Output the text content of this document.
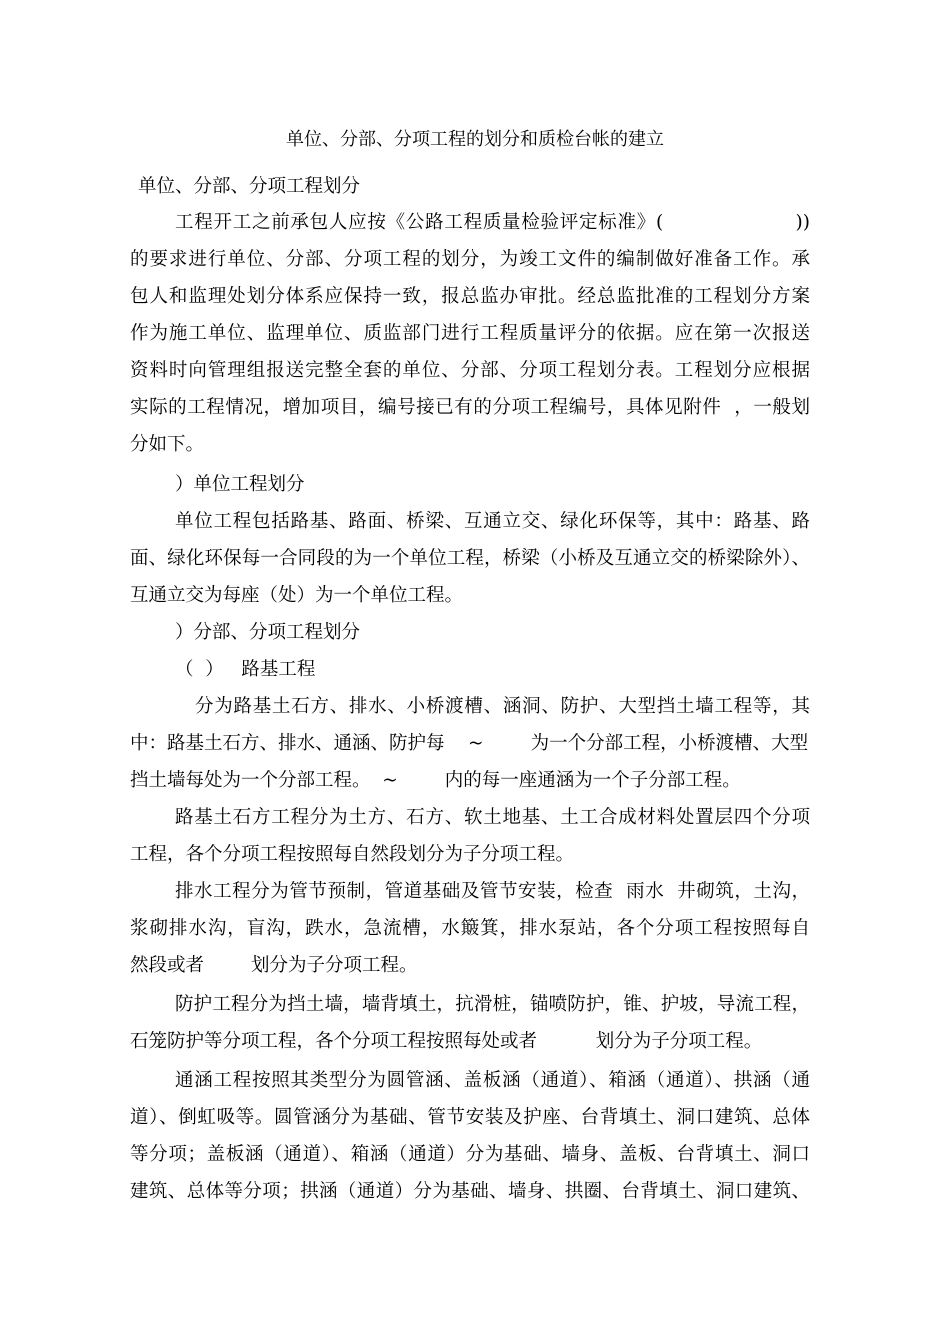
单位、分部、分项工程的划分和质检台帐的建立
单位、分部、分项工程划分
工程开工之前承包人应按《公路工程质量检验评定标准》(                    ))
的要求进行单位、分部、分项工程的划分，为竣工文件的编制做好准备工作。承
包人和监理处划分体系应保持一致，报总监办审批。经总监批准的工程划分方案
作为施工单位、监理单位、质监部门进行工程质量评分的依据。应在第一次报送
资料时向管理组报送完整全套的单位、分部、分项工程划分表。工程划分应根据
实际的工程情况，增加项目，编号接已有的分项工程编号，具体见附件  ，一般划
分如下。
）单位工程划分
单位工程包括路基、路面、桥梁、互通立交、绿化环保等，其中：路基、路
面、绿化环保每一合同段的为一个单位工程，桥梁（小桥及互通立交的桥梁除外）、
互通立交为每座（处）为一个单位工程。
）分部、分项工程划分
（  ）   路基工程
分为路基土石方、排水、小桥渡槽、涵洞、防护、大型挡土墙工程等，其
中：路基土石方、排水、通涵、防护每    ~        为一个分部工程，小桥渡槽、大型
挡土墙每处为一个分部工程。  ~        内的每一座通涵为一个子分部工程。
路基土石方工程分为土方、石方、软土地基、土工合成材料处置层四个分项
工程，各个分项工程按照每自然段划分为子分项工程。
排水工程分为管节预制，管道基础及管节安装，检查  雨水  井砌筑，土沟，
浆砌排水沟，盲沟，跌水，急流槽，水簸箕，排水泵站，各个分项工程按照每自
然段或者        划分为子分项工程。
防护工程分为挡土墙，墙背填土，抗滑桩，锚喷防护，锥、护坡，导流工程，
石笼防护等分项工程，各个分项工程按照每处或者          划分为子分项工程。
通涵工程按照其类型分为圆管涵、盖板涵（通道）、箱涵（通道）、拱涵（通
道）、倒虹吸等。圆管涵分为基础、管节安装及护座、台背填土、洞口建筑、总体
等分项；盖板涵（通道）、箱涵（通道）分为基础、墙身、盖板、台背填土、洞口
建筑、总体等分项；拱涵（通道）分为基础、墙身、拱圈、台背填土、洞口建筑、
